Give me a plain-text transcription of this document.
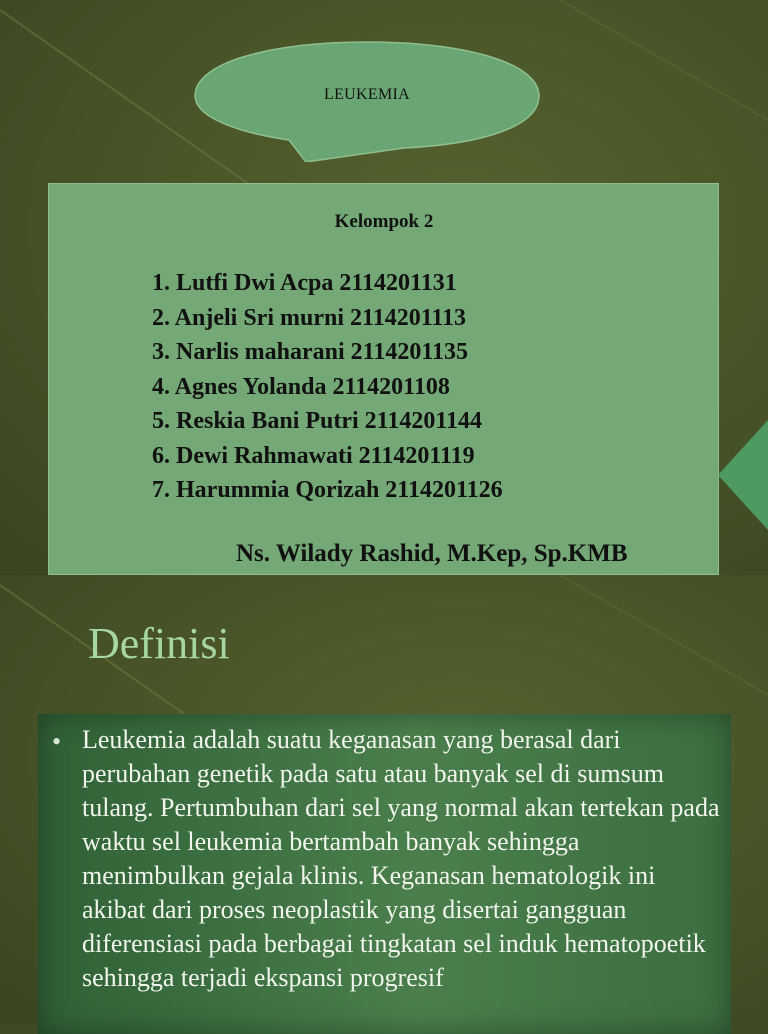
LEUKEMIA
Kelompok 2
1. Lutfi Dwi Acpa 2114201131
2. Anjeli Sri murni 2114201113
3. Narlis maharani 2114201135
4. Agnes Yolanda 2114201108
5. Reskia Bani Putri 2114201144
6. Dewi Rahmawati 2114201119
7. Harummia Qorizah 2114201126
Ns. Wilady Rashid, M.Kep, Sp.KMB
Definisi
• Leukemia adalah suatu keganasan yang berasal dari perubahan genetik pada satu atau banyak sel di sumsum tulang. Pertumbuhan dari sel yang normal akan tertekan pada waktu sel leukemia bertambah banyak sehingga menimbulkan gejala klinis. Keganasan hematologik ini akibat dari proses neoplastik yang disertai gangguan diferensiasi pada berbagai tingkatan sel induk hematopoetik sehingga terjadi ekspansi progresif
